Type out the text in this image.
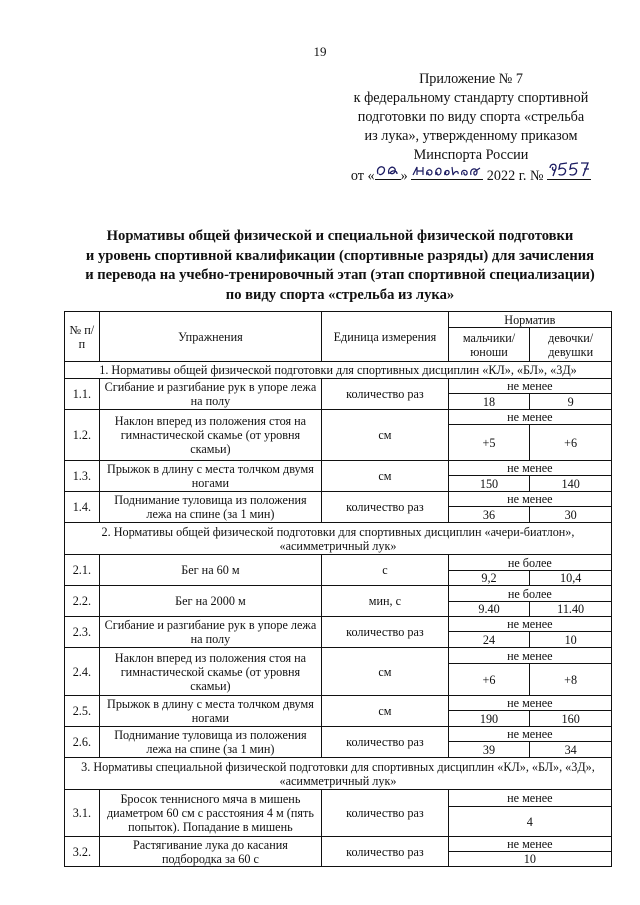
19
Приложение № 7
к федеральному стандарту спортивной
подготовки по виду спорта «стрельба
из лука», утвержденному приказом
Минспорта России
от « »	2022 г. №
Нормативы общей физической и специальной физической подготовки
и уровень спортивной квалификации (спортивные разряды) для зачисления
и перевода на учебно-тренировочный этап (этап спортивной специализации)
по виду спорта «стрельба из лука»
№ п/п	Упражнения	Единица измерения	Норматив	
			мальчики/ юноши	девочки/ девушки
1. Нормативы общей физической подготовки для спортивных дисциплин «КЛ», «БЛ», «3Д»				
1.1.	Сгибание и разгибание рук в упоре лежа на полу	количество раз	не менее	
			18	9
1.2.	Наклон вперед из положения стоя на гимнастической скамье (от уровня скамьи)	см	не менее	
			+5	+6
1.3.	Прыжок в длину с места толчком двумя ногами	см	не менее	
			150	140
1.4.	Поднимание туловища из положения лежа на спине (за 1 мин)	количество раз	не менее	
			36	30
2. Нормативы общей физической подготовки для спортивных дисциплин «ачери-биатлон», «асимметричный лук»				
2.1.	Бег на 60 м	с	не более	
			9,2	10,4
2.2.	Бег на 2000 м	мин, с	не более	
			9.40	11.40
2.3.	Сгибание и разгибание рук в упоре лежа на полу	количество раз	не менее	
			24	10
2.4.	Наклон вперед из положения стоя на гимнастической скамье (от уровня скамьи)	см	не менее	
			+6	+8
2.5.	Прыжок в длину с места толчком двумя ногами	см	не менее	
			190	160
2.6.	Поднимание туловища из положения лежа на спине (за 1 мин)	количество раз	не менее	
			39	34
3. Нормативы специальной физической подготовки для спортивных дисциплин «КЛ», «БЛ», «3Д», «асимметричный лук»				
3.1.	Бросок теннисного мяча в мишень диаметром 60 см с расстояния 4 м (пять попыток). Попадание в мишень	количество раз	не менее	
			4	
3.2.	Растягивание лука до касания подбородка за 60 с	количество раз	не менее	
			10	
